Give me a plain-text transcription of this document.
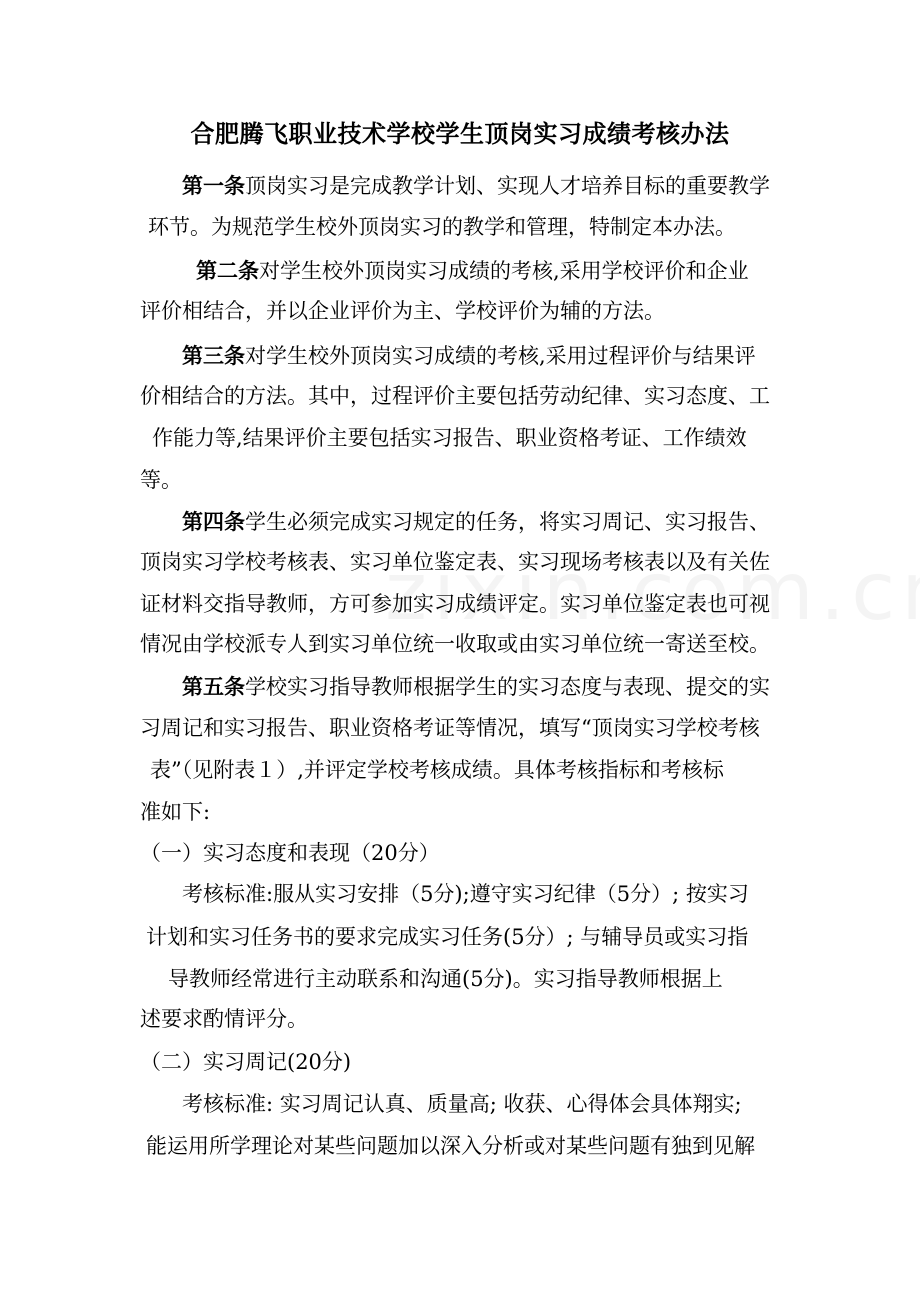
合肥腾飞职业技术学校学生顶岗实习成绩考核办法
第一条顶岗实习是完成教学计划、实现人才培养目标的重要教学
环节。为规范学生校外顶岗实习的教学和管理，特制定本办法。
第二条对学生校外顶岗实习成绩的考核,采用学校评价和企业
评价相结合，并以企业评价为主、学校评价为辅的方法。
第三条对学生校外顶岗实习成绩的考核,采用过程评价与结果评
价相结合的方法。其中，过程评价主要包括劳动纪律、实习态度、工
作能力等,结果评价主要包括实习报告、职业资格考证、工作绩效
等。
第四条学生必须完成实习规定的任务，将实习周记、实习报告、
顶岗实习学校考核表、实习单位鉴定表、实习现场考核表以及有关佐
证材料交指导教师，方可参加实习成绩评定。实习单位鉴定表也可视
情况由学校派专人到实习单位统一收取或由实习单位统一寄送至校。
第五条学校实习指导教师根据学生的实习态度与表现、提交的实
习周记和实习报告、职业资格考证等情况，填写“顶岗实习学校考核
表”（见附表１）,并评定学校考核成绩。具体考核指标和考核标
准如下:
（一）实习态度和表现（20分）
考核标准:服从实习安排（5分);遵守实习纪律（5分）; 按实习
计划和实习任务书的要求完成实习任务(5分）; 与辅导员或实习指
导教师经常进行主动联系和沟通(5分)。实习指导教师根据上
述要求酌情评分。
（二）实习周记(20分)
考核标准: 实习周记认真、质量高; 收获、心得体会具体翔实;
能运用所学理论对某些问题加以深入分析或对某些问题有独到见解
